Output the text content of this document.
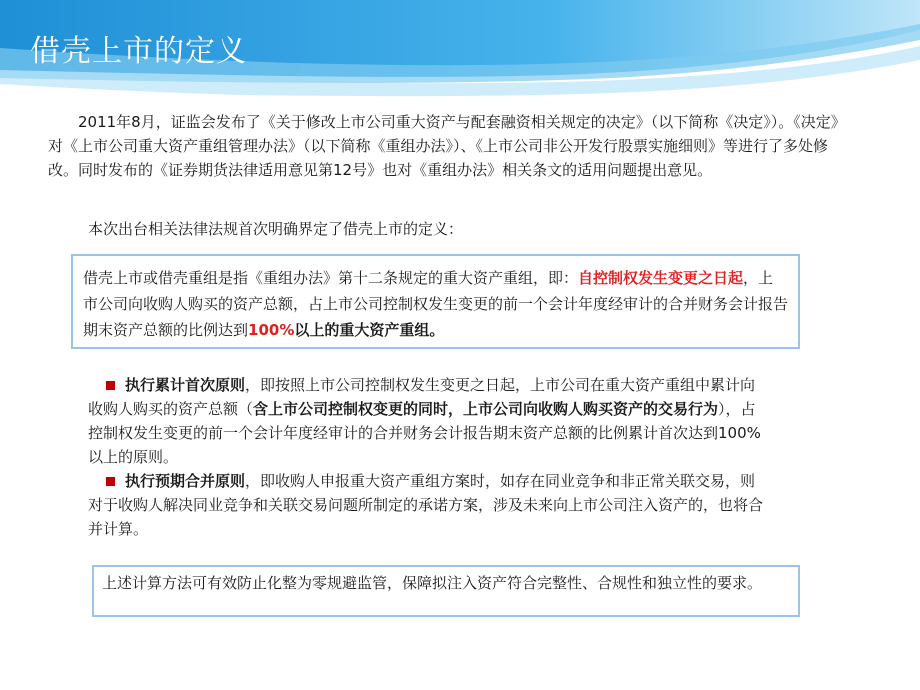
借壳上市的定义

2011年8月，证监会发布了《关于修改上市公司重大资产与配套融资相关规定的决定》（以下简称《决定》）。《决定》对《上市公司重大资产重组管理办法》（以下简称《重组办法》）、《上市公司非公开发行股票实施细则》等进行了多处修改。同时发布的《证券期货法律适用意见第12号》也对《重组办法》相关条文的适用问题提出意见。

本次出台相关法律法规首次明确界定了借壳上市的定义：

借壳上市或借壳重组是指《重组办法》第十二条规定的重大资产重组，即：自控制权发生变更之日起，上市公司向收购人购买的资产总额，占上市公司控制权发生变更的前一个会计年度经审计的合并财务会计报告期末资产总额的比例达到100%以上的重大资产重组。

执行累计首次原则，即按照上市公司控制权发生变更之日起，上市公司在重大资产重组中累计向收购人购买的资产总额（含上市公司控制权变更的同时，上市公司向收购人购买资产的交易行为），占控制权发生变更的前一个会计年度经审计的合并财务会计报告期末资产总额的比例累计首次达到100%以上的原则。

执行预期合并原则，即收购人申报重大资产重组方案时，如存在同业竞争和非正常关联交易，则对于收购人解决同业竞争和关联交易问题所制定的承诺方案，涉及未来向上市公司注入资产的，也将合并计算。

上述计算方法可有效防止化整为零规避监管，保障拟注入资产符合完整性、合规性和独立性的要求。
